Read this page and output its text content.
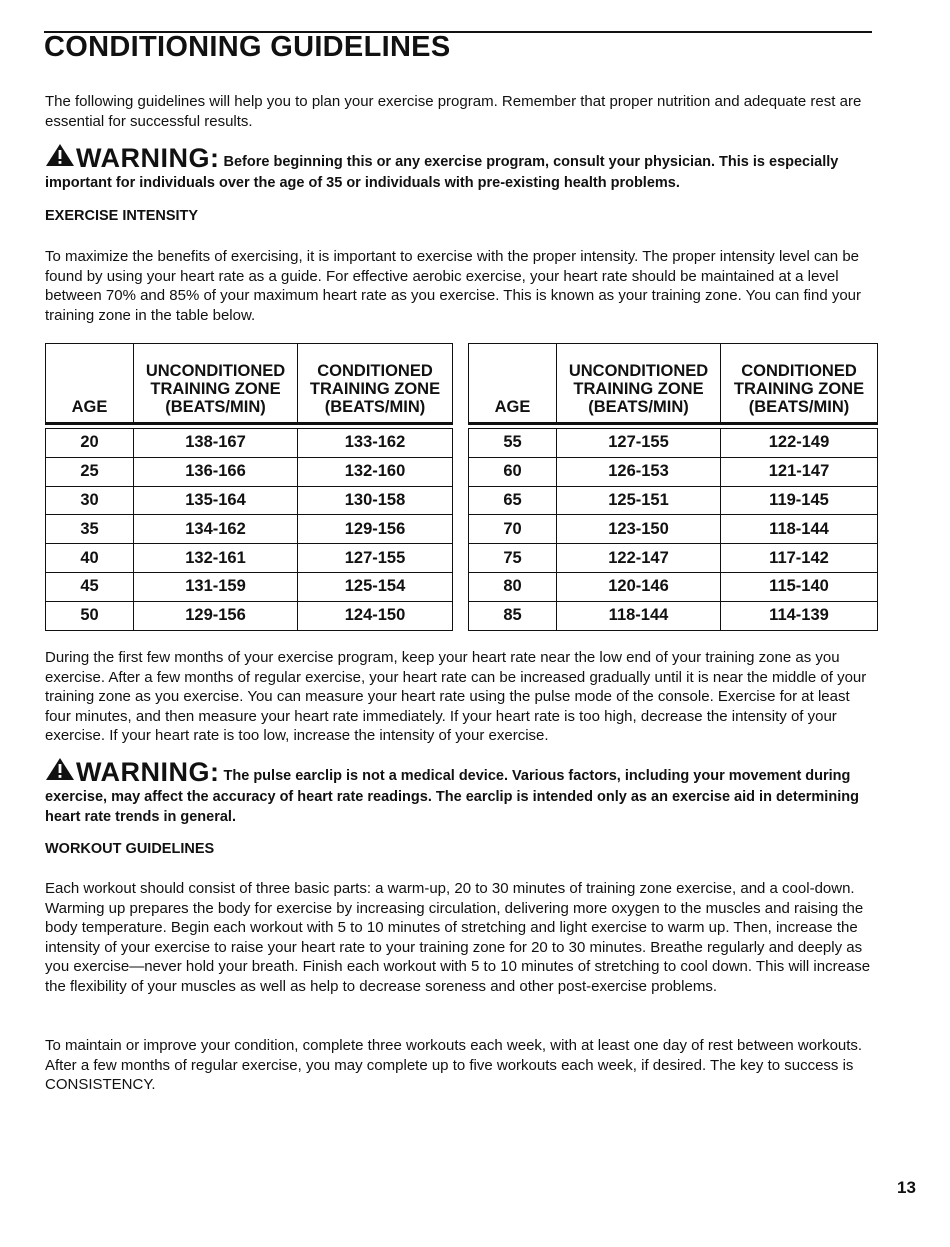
CONDITIONING GUIDELINES

The following guidelines will help you to plan your exercise program. Remember that proper nutrition and adequate rest are essential for successful results.

WARNING: Before beginning this or any exercise program, consult your physician. This is especially important for individuals over the age of 35 or individuals with pre-existing health problems.

EXERCISE INTENSITY

To maximize the benefits of exercising, it is important to exercise with the proper intensity. The proper intensity level can be found by using your heart rate as a guide. For effective aerobic exercise, your heart rate should be maintained at a level between 70% and 85% of your maximum heart rate as you exercise. This is known as your training zone. You can find your training zone in the table below.

AGE	UNCONDITIONED
TRAINING ZONE
(BEATS/MIN)	CONDITIONED
TRAINING ZONE
(BEATS/MIN)

20	138-167	133-162
25	136-166	132-160
30	135-164	130-158
35	134-162	129-156
40	132-161	127-155
45	131-159	125-154
50	129-156	124-150
AGE	UNCONDITIONED
TRAINING ZONE
(BEATS/MIN)	CONDITIONED
TRAINING ZONE
(BEATS/MIN)

55	127-155	122-149
60	126-153	121-147
65	125-151	119-145
70	123-150	118-144
75	122-147	117-142
80	120-146	115-140
85	118-144	114-139

During the first few months of your exercise program, keep your heart rate near the low end of your training zone as you exercise. After a few months of regular exercise, your heart rate can be increased gradually until it is near the middle of your training zone as you exercise. You can measure your heart rate using the pulse mode of the console. Exercise for at least four minutes, and then measure your heart rate immediately. If your heart rate is too high, decrease the intensity of your exercise. If your heart rate is too low, increase the intensity of your exercise.

WARNING: The pulse earclip is not a medical device. Various factors, including your movement during exercise, may affect the accuracy of heart rate readings. The earclip is intended only as an exercise aid in determining heart rate trends in general.

WORKOUT GUIDELINES

Each workout should consist of three basic parts: a warm-up, 20 to 30 minutes of training zone exercise, and a cool-down. Warming up prepares the body for exercise by increasing circulation, delivering more oxygen to the muscles and raising the body temperature. Begin each workout with 5 to 10 minutes of stretching and light exercise to warm up. Then, increase the intensity of your exercise to raise your heart rate to your training zone for 20 to 30 minutes. Breathe regularly and deeply as you exercise—never hold your breath. Finish each workout with 5 to 10 minutes of stretching to cool down. This will increase the flexibility of your muscles as well as help to decrease soreness and other post-exercise problems.

To maintain or improve your condition, complete three workouts each week, with at least one day of rest between workouts. After a few months of regular exercise, you may complete up to five workouts each week, if desired. The key to success is CONSISTENCY.

13
